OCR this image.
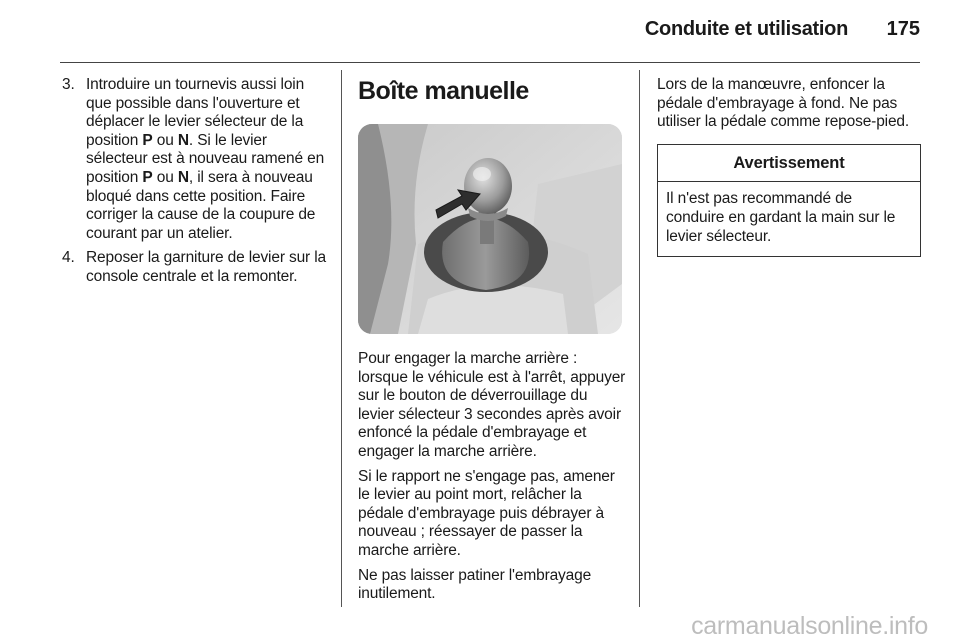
Conduite et utilisation	175
3. Introduire un tournevis aussi loin que possible dans l'ouverture et déplacer le levier sélecteur de la position P ou N. Si le levier sélecteur est à nouveau ramené en position P ou N, il sera à nouveau bloqué dans cette position. Faire corriger la cause de la coupure de courant par un atelier.
4. Reposer la garniture de levier sur la console centrale et la remonter.
Boîte manuelle

Pour engager la marche arrière : lorsque le véhicule est à l'arrêt, appuyer sur le bouton de déverrouillage du levier sélecteur 3 secondes après avoir enfoncé la pédale d'embrayage et engager la marche arrière.

Si le rapport ne s'engage pas, amener le levier au point mort, relâcher la pédale d'embrayage puis débrayer à nouveau ; réessayer de passer la marche arrière.

Ne pas laisser patiner l'embrayage inutilement.

Lors de la manœuvre, enfoncer la pédale d'embrayage à fond. Ne pas utiliser la pédale comme repose-pied.

Avertissement
Il n'est pas recommandé de conduire en gardant la main sur le levier sélecteur.
carmanualsonline.info
